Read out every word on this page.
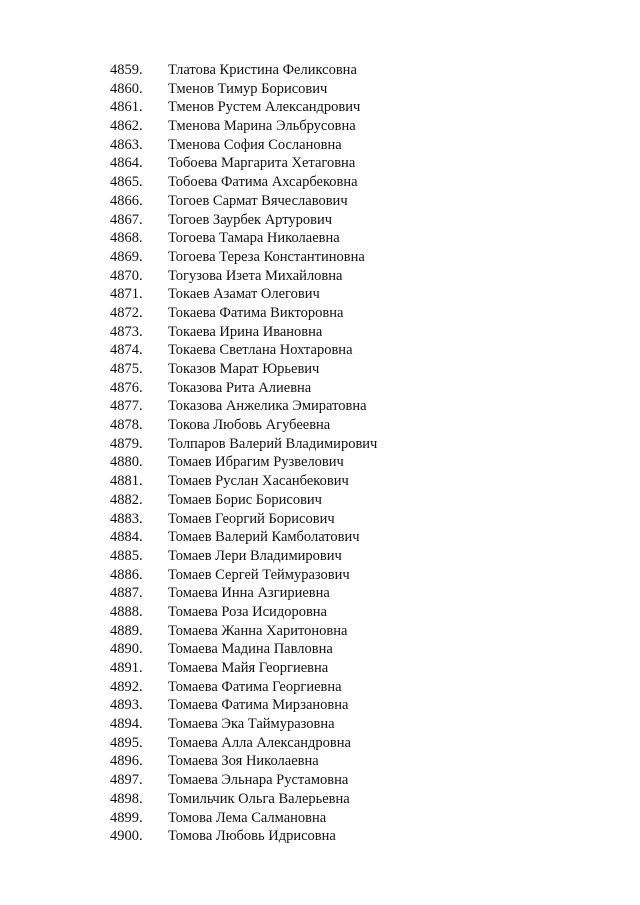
4859. Тлатова Кристина Феликсовна
4860. Тменов Тимур Борисович
4861. Тменов Рустем Александрович
4862. Тменова Марина Эльбрусовна
4863. Тменова София Сослановна
4864. Тобоева Маргарита Хетаговна
4865. Тобоева Фатима Ахсарбековна
4866. Тогоев Сармат Вячеславович
4867. Тогоев Заурбек Артурович
4868. Тогоева Тамара Николаевна
4869. Тогоева Тереза Константиновна
4870. Тогузова Изета Михайловна
4871. Токаев Азамат Олегович
4872. Токаева Фатима Викторовна
4873. Токаева Ирина Ивановна
4874. Токаева Светлана Нохтаровна
4875. Токазов Марат Юрьевич
4876. Токазова Рита Алиевна
4877. Токазова Анжелика Эмиратовна
4878. Токова Любовь Агубеевна
4879. Толпаров Валерий Владимирович
4880. Томаев Ибрагим Рузвелович
4881. Томаев Руслан Хасанбекович
4882. Томаев Борис Борисович
4883. Томаев Георгий Борисович
4884. Томаев Валерий Камболатович
4885. Томаев Лери Владимирович
4886. Томаев Сергей Теймуразович
4887. Томаева Инна Азгириевна
4888. Томаева Роза Исидоровна
4889. Томаева Жанна Харитоновна
4890. Томаева Мадина Павловна
4891. Томаева Майя Георгиевна
4892. Томаева Фатима Георгиевна
4893. Томаева Фатима Мирзановна
4894. Томаева Эка Таймуразовна
4895. Томаева Алла Александровна
4896. Томаева Зоя Николаевна
4897. Томаева Эльнара Рустамовна
4898. Томильчик Ольга Валерьевна
4899. Томова Лема Салмановна
4900. Томова Любовь Идрисовна
